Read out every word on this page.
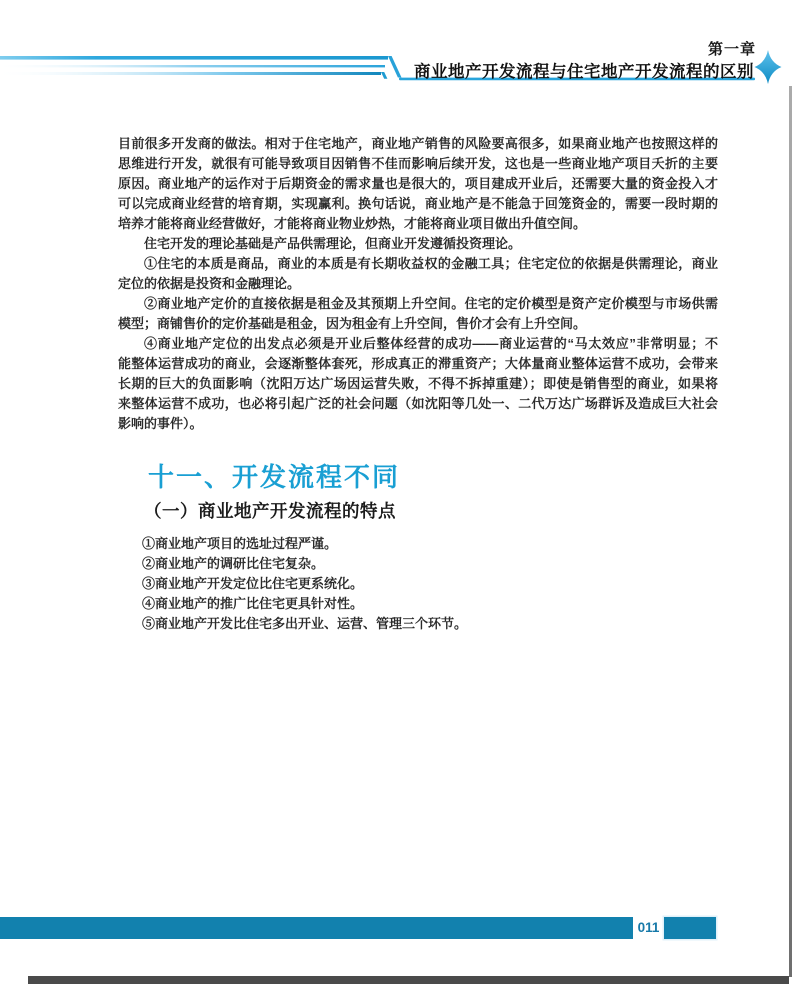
第一章
商业地产开发流程与住宅地产开发流程的区别
目前很多开发商的做法。相对于住宅地产，商业地产销售的风险要高很多，如果商业地产也按照这样的
思维进行开发，就很有可能导致项目因销售不佳而影响后续开发，这也是一些商业地产项目夭折的主要
原因。商业地产的运作对于后期资金的需求量也是很大的，项目建成开业后，还需要大量的资金投入才
可以完成商业经营的培育期，实现赢利。换句话说，商业地产是不能急于回笼资金的，需要一段时期的
培养才能将商业经营做好，才能将商业物业炒热，才能将商业项目做出升值空间。
住宅开发的理论基础是产品供需理论，但商业开发遵循投资理论。
①住宅的本质是商品，商业的本质是有长期收益权的金融工具；住宅定位的依据是供需理论，商业
定位的依据是投资和金融理论。
②商业地产定价的直接依据是租金及其预期上升空间。住宅的定价模型是资产定价模型与市场供需
模型；商铺售价的定价基础是租金，因为租金有上升空间，售价才会有上升空间。
④商业地产定位的出发点必须是开业后整体经营的成功——商业运营的“马太效应”非常明显；不
能整体运营成功的商业，会逐渐整体套死，形成真正的滞重资产；大体量商业整体运营不成功，会带来
长期的巨大的负面影响（沈阳万达广场因运营失败，不得不拆掉重建）；即使是销售型的商业，如果将
来整体运营不成功，也必将引起广泛的社会问题（如沈阳等几处一、二代万达广场群诉及造成巨大社会
影响的事件）。
十一、开发流程不同
（一）商业地产开发流程的特点
①商业地产项目的选址过程严谨。
②商业地产的调研比住宅复杂。
③商业地产开发定位比住宅更系统化。
④商业地产的推广比住宅更具针对性。
⑤商业地产开发比住宅多出开业、运营、管理三个环节。
011
